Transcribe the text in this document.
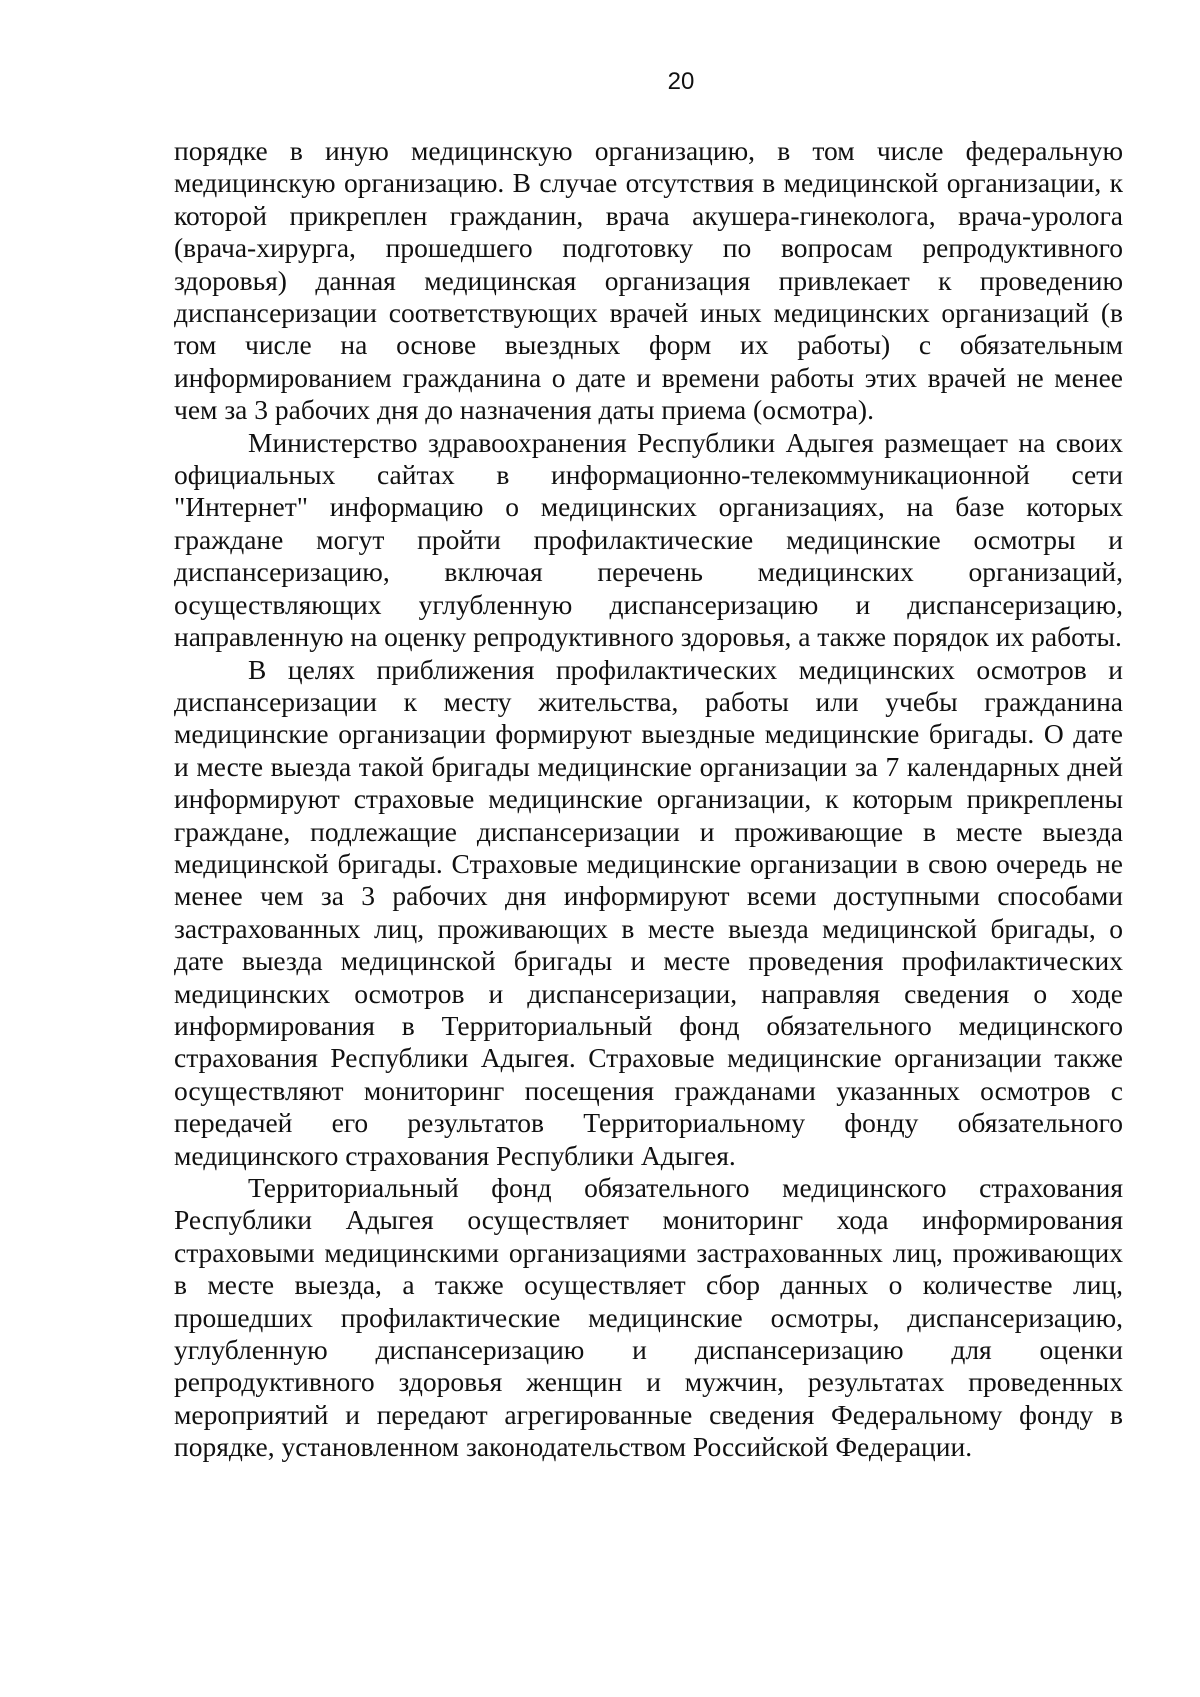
20

порядке в иную медицинскую организацию, в том числе федеральную медицинскую организацию. В случае отсутствия в медицинской организации, к которой прикреплен гражданин, врача акушера-гинеколога, врача-уролога (врача-хирурга, прошедшего подготовку по вопросам репродуктивного здоровья) данная медицинская организация привлекает к проведению диспансеризации соответствующих врачей иных медицинских организаций (в том числе на основе выездных форм их работы) с обязательным информированием гражданина о дате и времени работы этих врачей не менее чем за 3 рабочих дня до назначения даты приема (осмотра).

Министерство здравоохранения Республики Адыгея размещает на своих официальных сайтах в информационно-телекоммуникационной сети "Интернет" информацию о медицинских организациях, на базе которых граждане могут пройти профилактические медицинские осмотры и диспансеризацию, включая перечень медицинских организаций, осуществляющих углубленную диспансеризацию и диспансеризацию, направленную на оценку репродуктивного здоровья, а также порядок их работы.

В целях приближения профилактических медицинских осмотров и диспансеризации к месту жительства, работы или учебы гражданина медицинские организации формируют выездные медицинские бригады. О дате и месте выезда такой бригады медицинские организации за 7 календарных дней информируют страховые медицинские организации, к которым прикреплены граждане, подлежащие диспансеризации и проживающие в месте выезда медицинской бригады. Страховые медицинские организации в свою очередь не менее чем за 3 рабочих дня информируют всеми доступными способами застрахованных лиц, проживающих в месте выезда медицинской бригады, о дате выезда медицинской бригады и месте проведения профилактических медицинских осмотров и диспансеризации, направляя сведения о ходе информирования в Территориальный фонд обязательного медицинского страхования Республики Адыгея. Страховые медицинские организации также осуществляют мониторинг посещения гражданами указанных осмотров с передачей его результатов Территориальному фонду обязательного медицинского страхования Республики Адыгея.

Территориальный фонд обязательного медицинского страхования Республики Адыгея осуществляет мониторинг хода информирования страховыми медицинскими организациями застрахованных лиц, проживающих в месте выезда, а также осуществляет сбор данных о количестве лиц, прошедших профилактические медицинские осмотры, диспансеризацию, углубленную диспансеризацию и диспансеризацию для оценки репродуктивного здоровья женщин и мужчин, результатах проведенных мероприятий и передают агрегированные сведения Федеральному фонду в порядке, установленном законодательством Российской Федерации.
